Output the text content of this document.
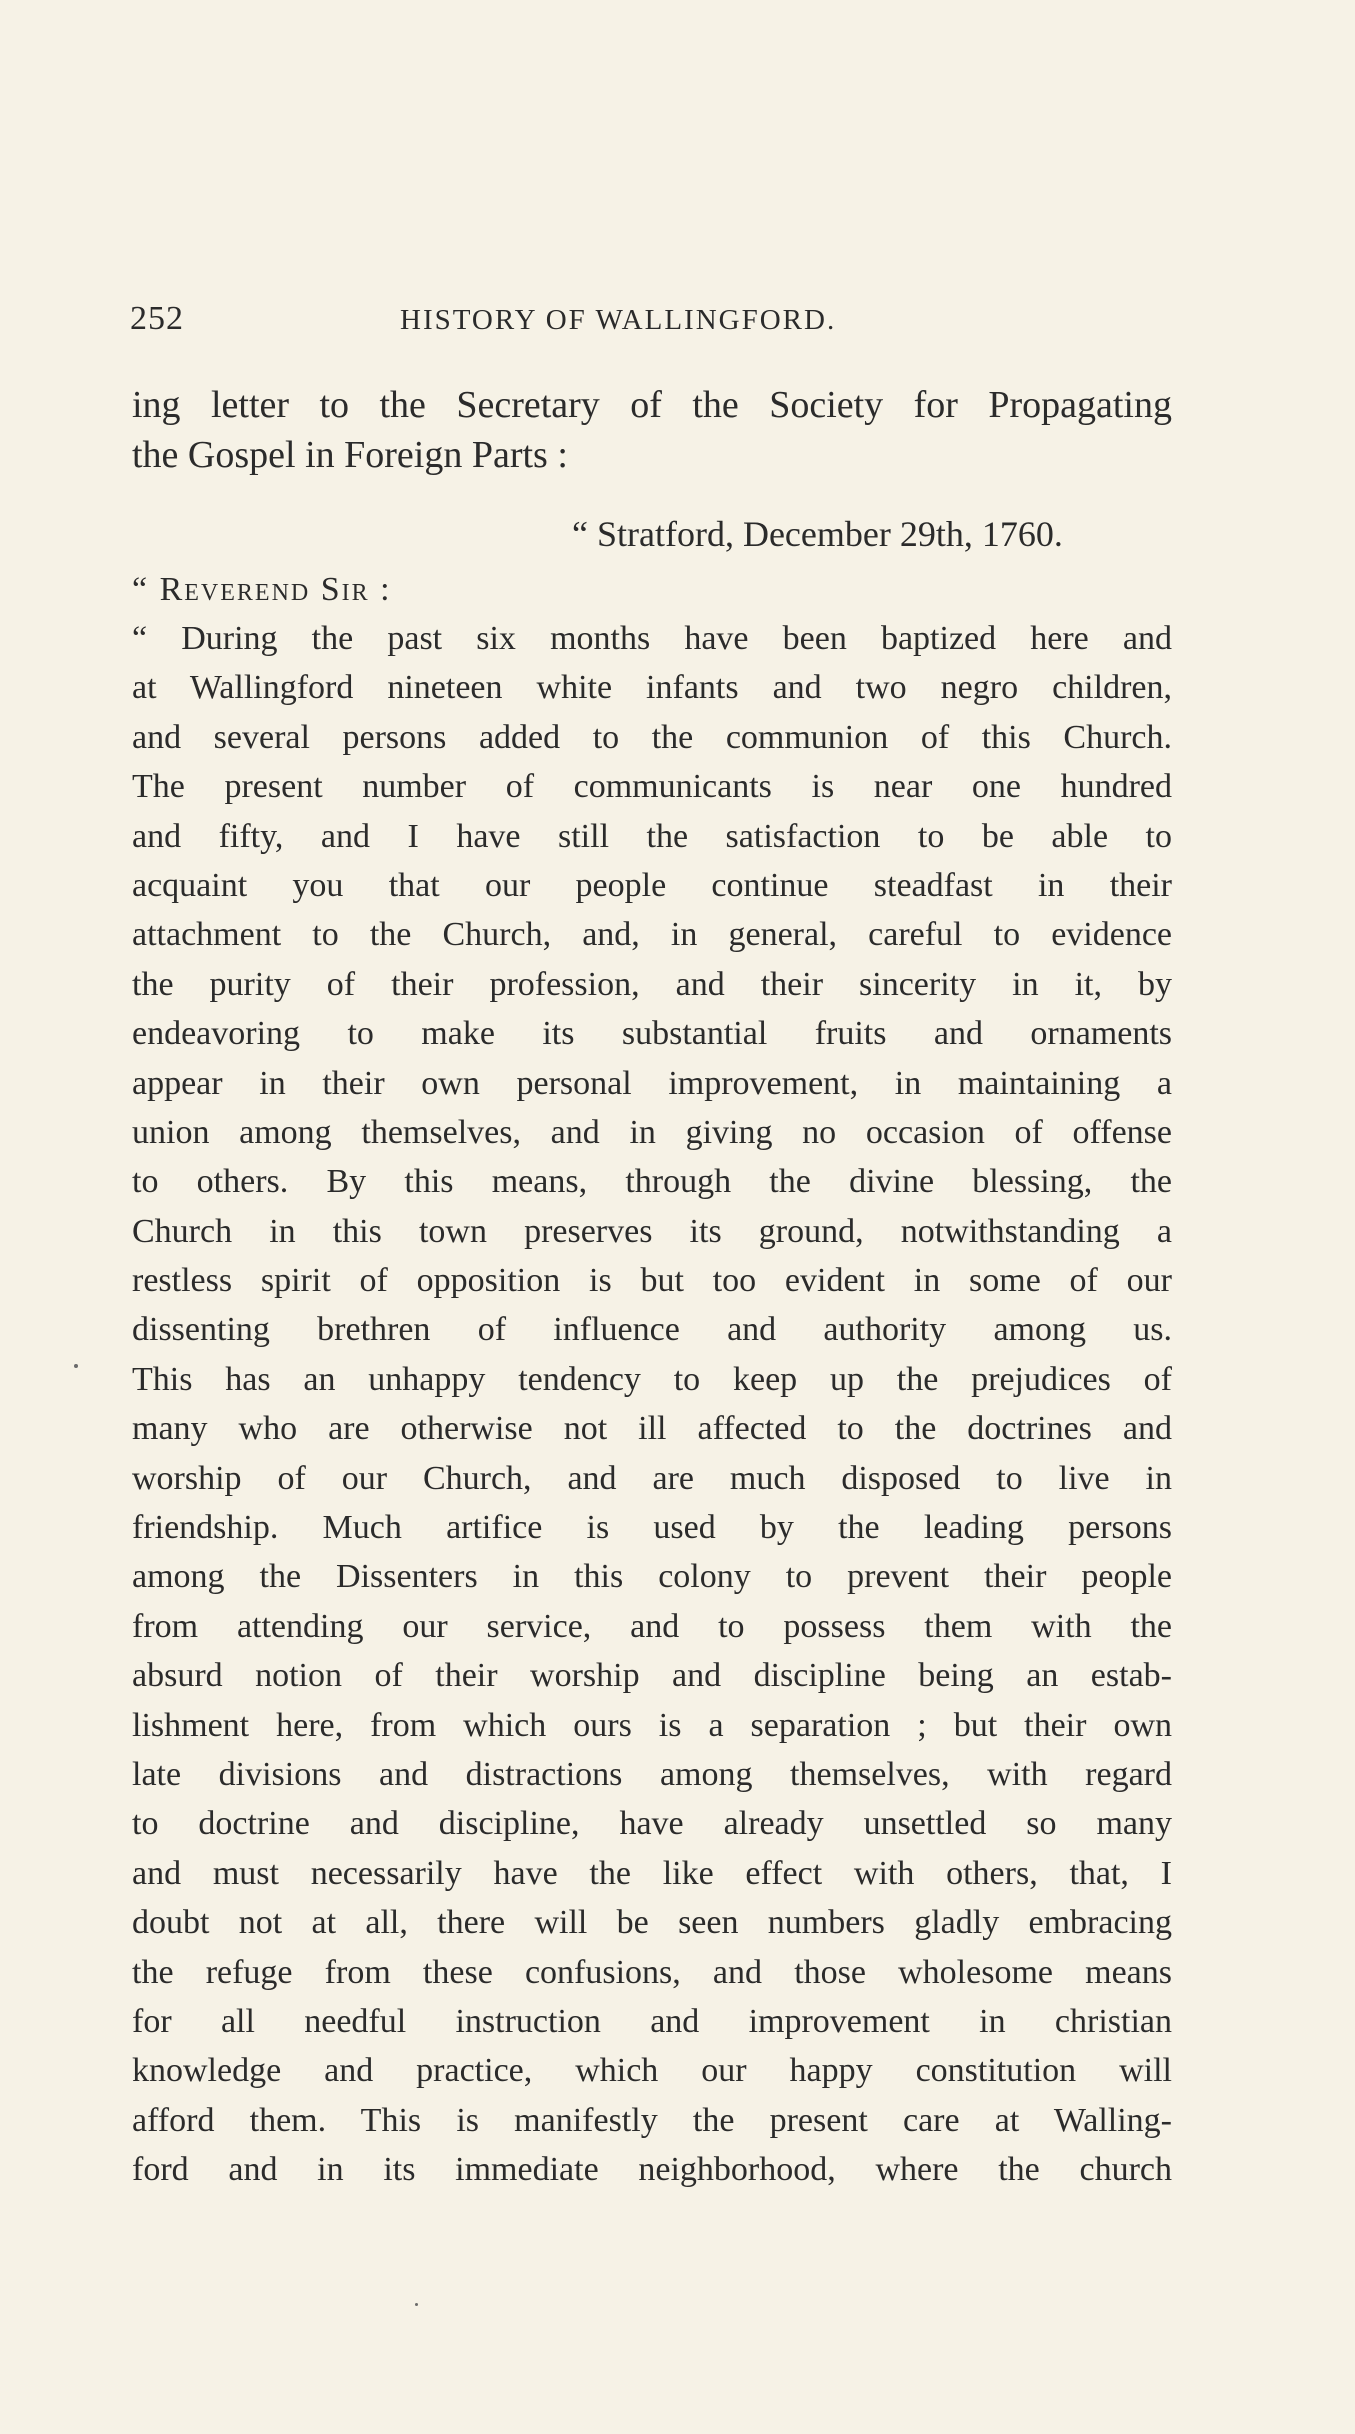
252	HISTORY OF WALLINGFORD.
ing letter to the Secretary of the Society for Propagating
the Gospel in Foreign Parts :
“ Stratford, December 29th, 1760.
“ Reverend Sir :
“ During the past six months have been baptized here and
at Wallingford nineteen white infants and two negro children,
and several persons added to the communion of this Church.
The present number of communicants is near one hundred
and fifty, and I have still the satisfaction to be able to
acquaint you that our people continue steadfast in their
attachment to the Church, and, in general, careful to evidence
the purity of their profession, and their sincerity in it, by
endeavoring to make its substantial fruits and ornaments
appear in their own personal improvement, in maintaining a
union among themselves, and in giving no occasion of offense
to others. By this means, through the divine blessing, the
Church in this town preserves its ground, notwithstanding a
restless spirit of opposition is but too evident in some of our
dissenting brethren of influence and authority among us.
This has an unhappy tendency to keep up the prejudices of
many who are otherwise not ill affected to the doctrines and
worship of our Church, and are much disposed to live in
friendship. Much artifice is used by the leading persons
among the Dissenters in this colony to prevent their people
from attending our service, and to possess them with the
absurd notion of their worship and discipline being an estab-
lishment here, from which ours is a separation ; but their own
late divisions and distractions among themselves, with regard
to doctrine and discipline, have already unsettled so many
and must necessarily have the like effect with others, that, I
doubt not at all, there will be seen numbers gladly embracing
the refuge from these confusions, and those wholesome means
for all needful instruction and improvement in christian
knowledge and practice, which our happy constitution will
afford them. This is manifestly the present care at Walling-
ford and in its immediate neighborhood, where the church
